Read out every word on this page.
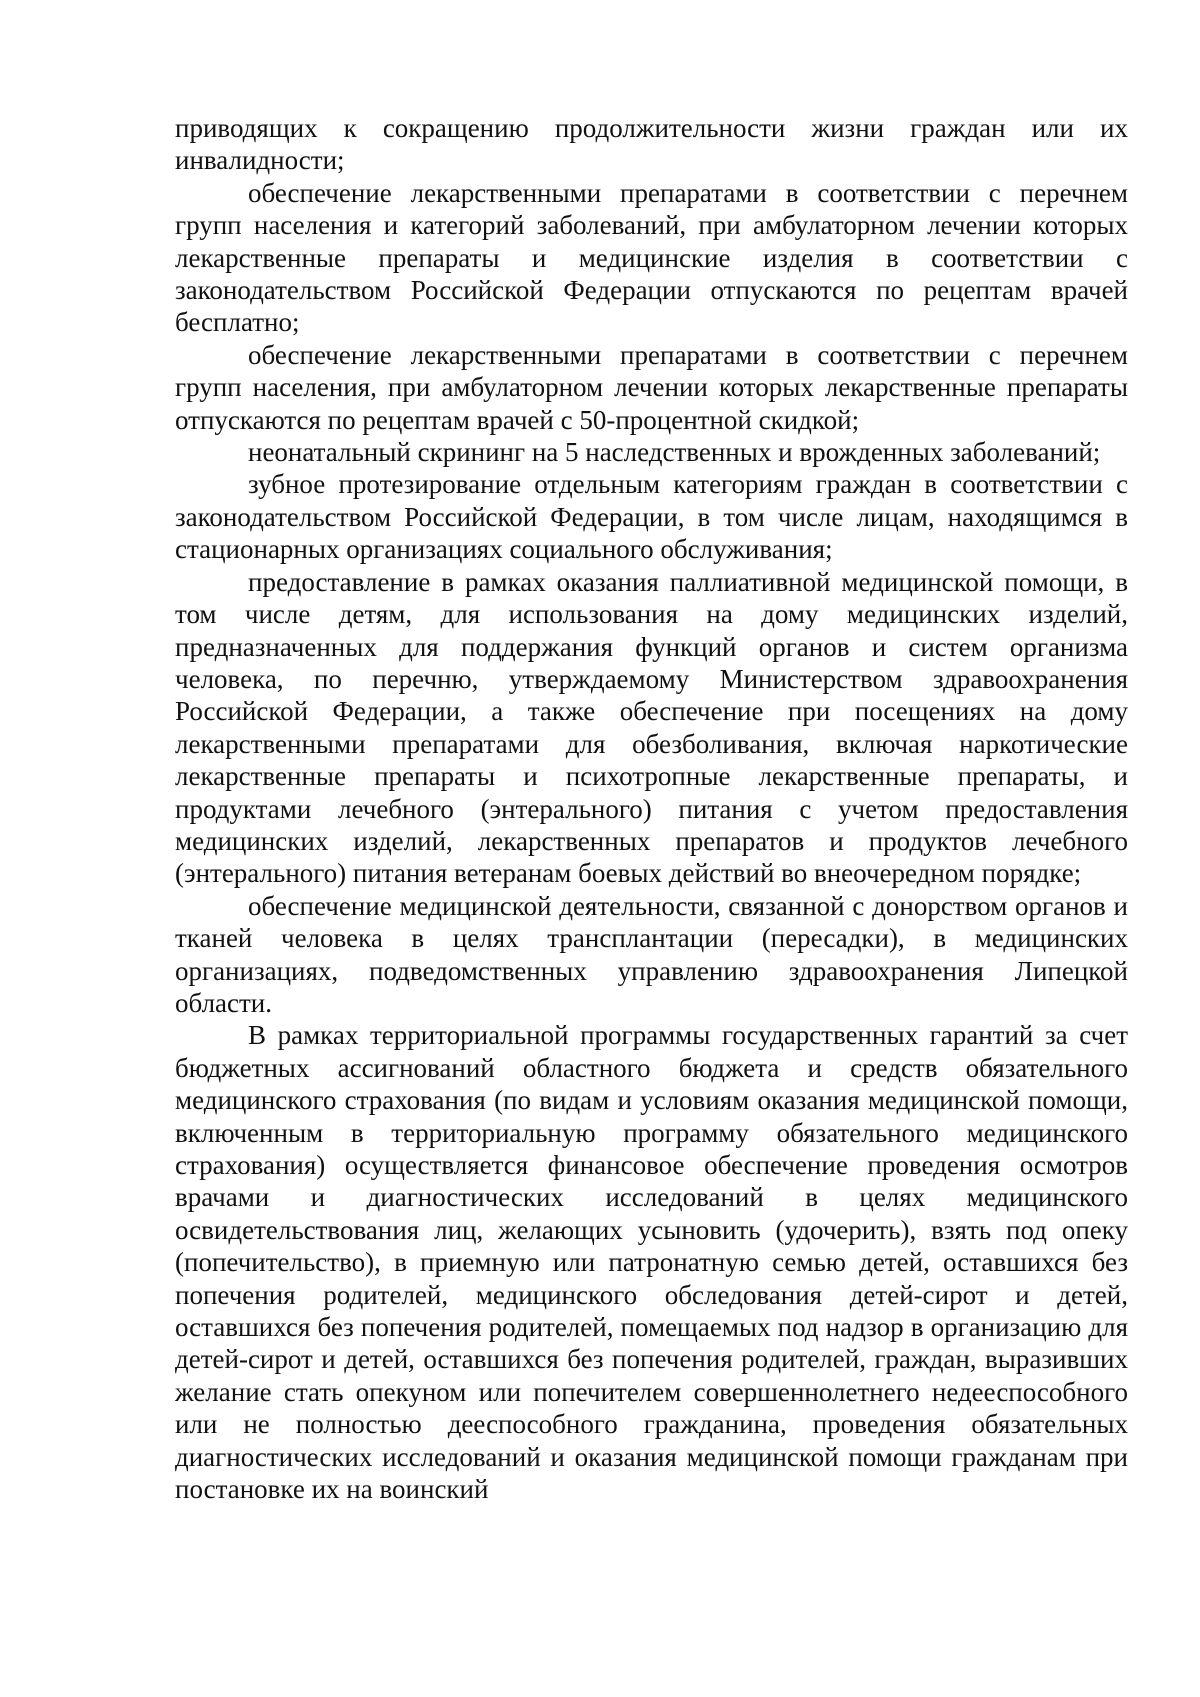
приводящих к сокращению продолжительности жизни граждан или их инвалидности;

обеспечение лекарственными препаратами в соответствии с перечнем групп населения и категорий заболеваний, при амбулаторном лечении которых лекарственные препараты и медицинские изделия в соответствии с законодательством Российской Федерации отпускаются по рецептам врачей бесплатно;

обеспечение лекарственными препаратами в соответствии с перечнем групп населения, при амбулаторном лечении которых лекарственные препараты отпускаются по рецептам врачей с 50-процентной скидкой;

неонатальный скрининг на 5 наследственных и врожденных заболеваний;

зубное протезирование отдельным категориям граждан в соответствии с законодательством Российской Федерации, в том числе лицам, находящимся в стационарных организациях социального обслуживания;

предоставление в рамках оказания паллиативной медицинской помощи, в том числе детям, для использования на дому медицинских изделий, предназначенных для поддержания функций органов и систем организма человека, по перечню, утверждаемому Министерством здравоохранения Российской Федерации, а также обеспечение при посещениях на дому лекарственными препаратами для обезболивания, включая наркотические лекарственные препараты и психотропные лекарственные препараты, и продуктами лечебного (энтерального) питания с учетом предоставления медицинских изделий, лекарственных препаратов и продуктов лечебного (энтерального) питания ветеранам боевых действий во внеочередном порядке;

обеспечение медицинской деятельности, связанной с донорством органов и тканей человека в целях трансплантации (пересадки), в медицинских организациях, подведомственных управлению здравоохранения Липецкой области.

В рамках территориальной программы государственных гарантий за счет бюджетных ассигнований областного бюджета и средств обязательного медицинского страхования (по видам и условиям оказания медицинской помощи, включенным в территориальную программу обязательного медицинского страхования) осуществляется финансовое обеспечение проведения осмотров врачами и диагностических исследований в целях медицинского освидетельствования лиц, желающих усыновить (удочерить), взять под опеку (попечительство), в приемную или патронатную семью детей, оставшихся без попечения родителей, медицинского обследования детей-сирот и детей, оставшихся без попечения родителей, помещаемых под надзор в организацию для детей-сирот и детей, оставшихся без попечения родителей, граждан, выразивших желание стать опекуном или попечителем совершеннолетнего недееспособного или не полностью дееспособного гражданина, проведения обязательных диагностических исследований и оказания медицинской помощи гражданам при постановке их на воинский
